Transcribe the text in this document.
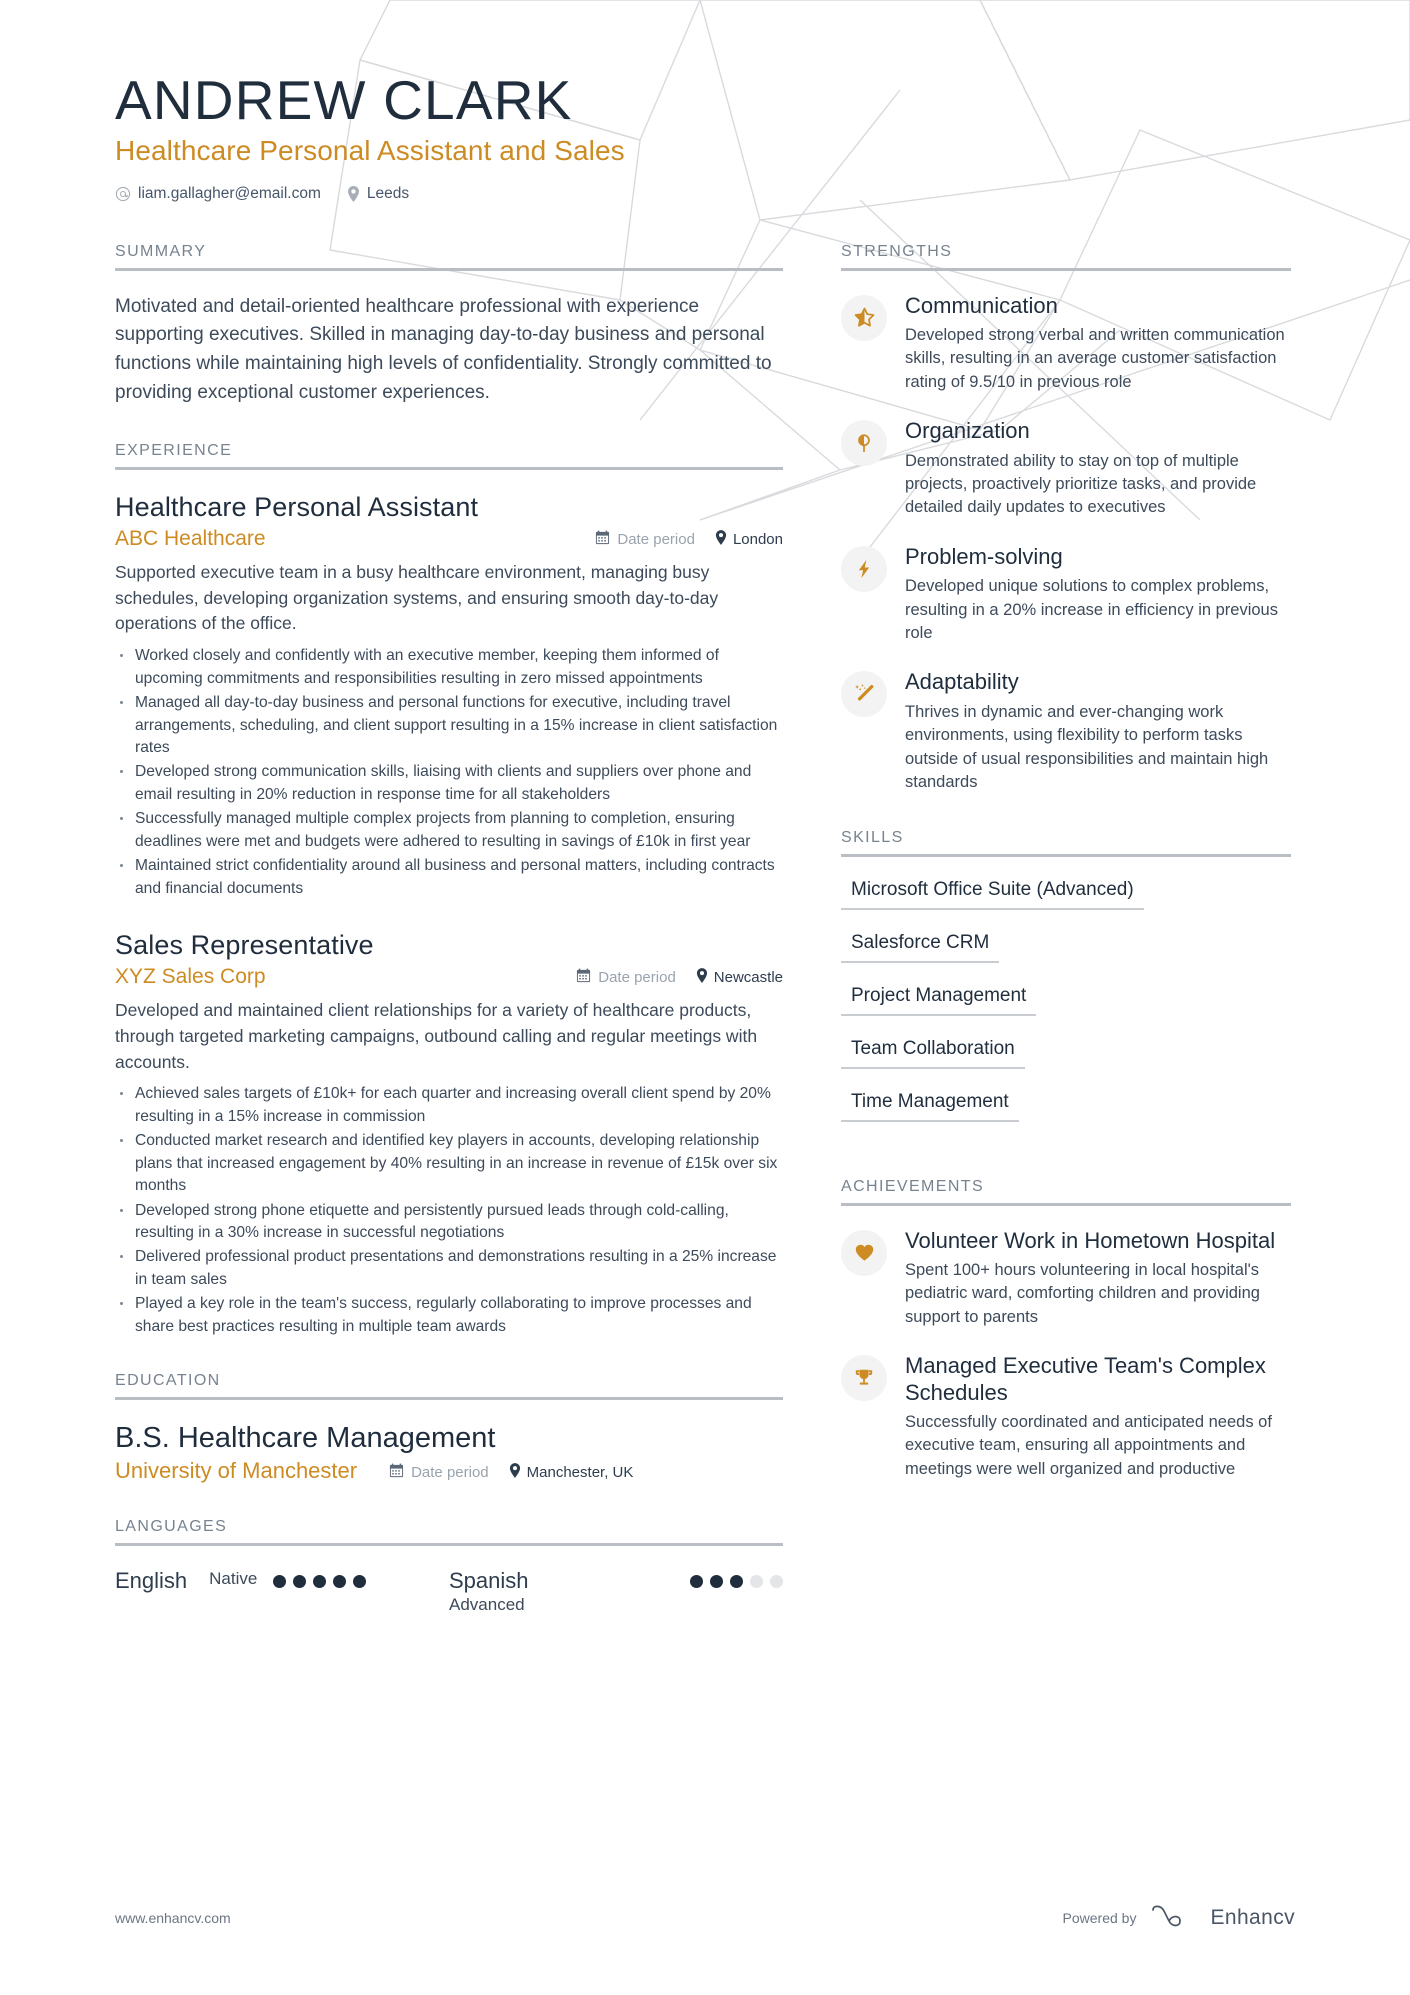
ANDREW CLARK
Healthcare Personal Assistant and Sales
liam.gallagher@email.com	Leeds
SUMMARY

Motivated and detail-oriented healthcare professional with experience supporting executives. Skilled in managing day-to-day business and personal functions while maintaining high levels of confidentiality. Strongly committed to providing exceptional customer experiences.

EXPERIENCE
Healthcare Personal Assistant
ABC Healthcare	Date period	London

Supported executive team in a busy healthcare environment, managing busy schedules, developing organization systems, and ensuring smooth day-to-day operations of the office.

Worked closely and confidently with an executive member, keeping them informed of upcoming commitments and responsibilities resulting in zero missed appointments
Managed all day-to-day business and personal functions for executive, including travel arrangements, scheduling, and client support resulting in a 15% increase in client satisfaction rates
Developed strong communication skills, liaising with clients and suppliers over phone and email resulting in 20% reduction in response time for all stakeholders
Successfully managed multiple complex projects from planning to completion, ensuring deadlines were met and budgets were adhered to resulting in savings of £10k in first year
Maintained strict confidentiality around all business and personal matters, including contracts and financial documents
Sales Representative
XYZ Sales Corp	Date period	Newcastle

Developed and maintained client relationships for a variety of healthcare products, through targeted marketing campaigns, outbound calling and regular meetings with accounts.

Achieved sales targets of £10k+ for each quarter and increasing overall client spend by 20% resulting in a 15% increase in commission
Conducted market research and identified key players in accounts, developing relationship plans that increased engagement by 40% resulting in an increase in revenue of £15k over six months
Developed strong phone etiquette and persistently pursued leads through cold-calling, resulting in a 30% increase in successful negotiations
Delivered professional product presentations and demonstrations resulting in a 25% increase in team sales
Played a key role in the team's success, regularly collaborating to improve processes and share best practices resulting in multiple team awards
EDUCATION
B.S. Healthcare Management
University of Manchester	Date period	Manchester, UK
LANGUAGES
English Native	Spanish
Advanced
STRENGTHS
Communication
Developed strong verbal and written communication skills, resulting in an average customer satisfaction rating of 9.5/10 in previous role
Organization
Demonstrated ability to stay on top of multiple projects, proactively prioritize tasks, and provide detailed daily updates to executives
Problem-solving
Developed unique solutions to complex problems, resulting in a 20% increase in efficiency in previous role
Adaptability
Thrives in dynamic and ever-changing work environments, using flexibility to perform tasks outside of usual responsibilities and maintain high standards
SKILLS
Microsoft Office Suite (Advanced)
Salesforce CRM
Project Management
Team Collaboration
Time Management
ACHIEVEMENTS
Volunteer Work in Hometown Hospital
Spent 100+ hours volunteering in local hospital's pediatric ward, comforting children and providing support to parents
Managed Executive Team's Complex Schedules
Successfully coordinated and anticipated needs of executive team, ensuring all appointments and meetings were well organized and productive
www.enhancv.com	Powered by	Enhancv
